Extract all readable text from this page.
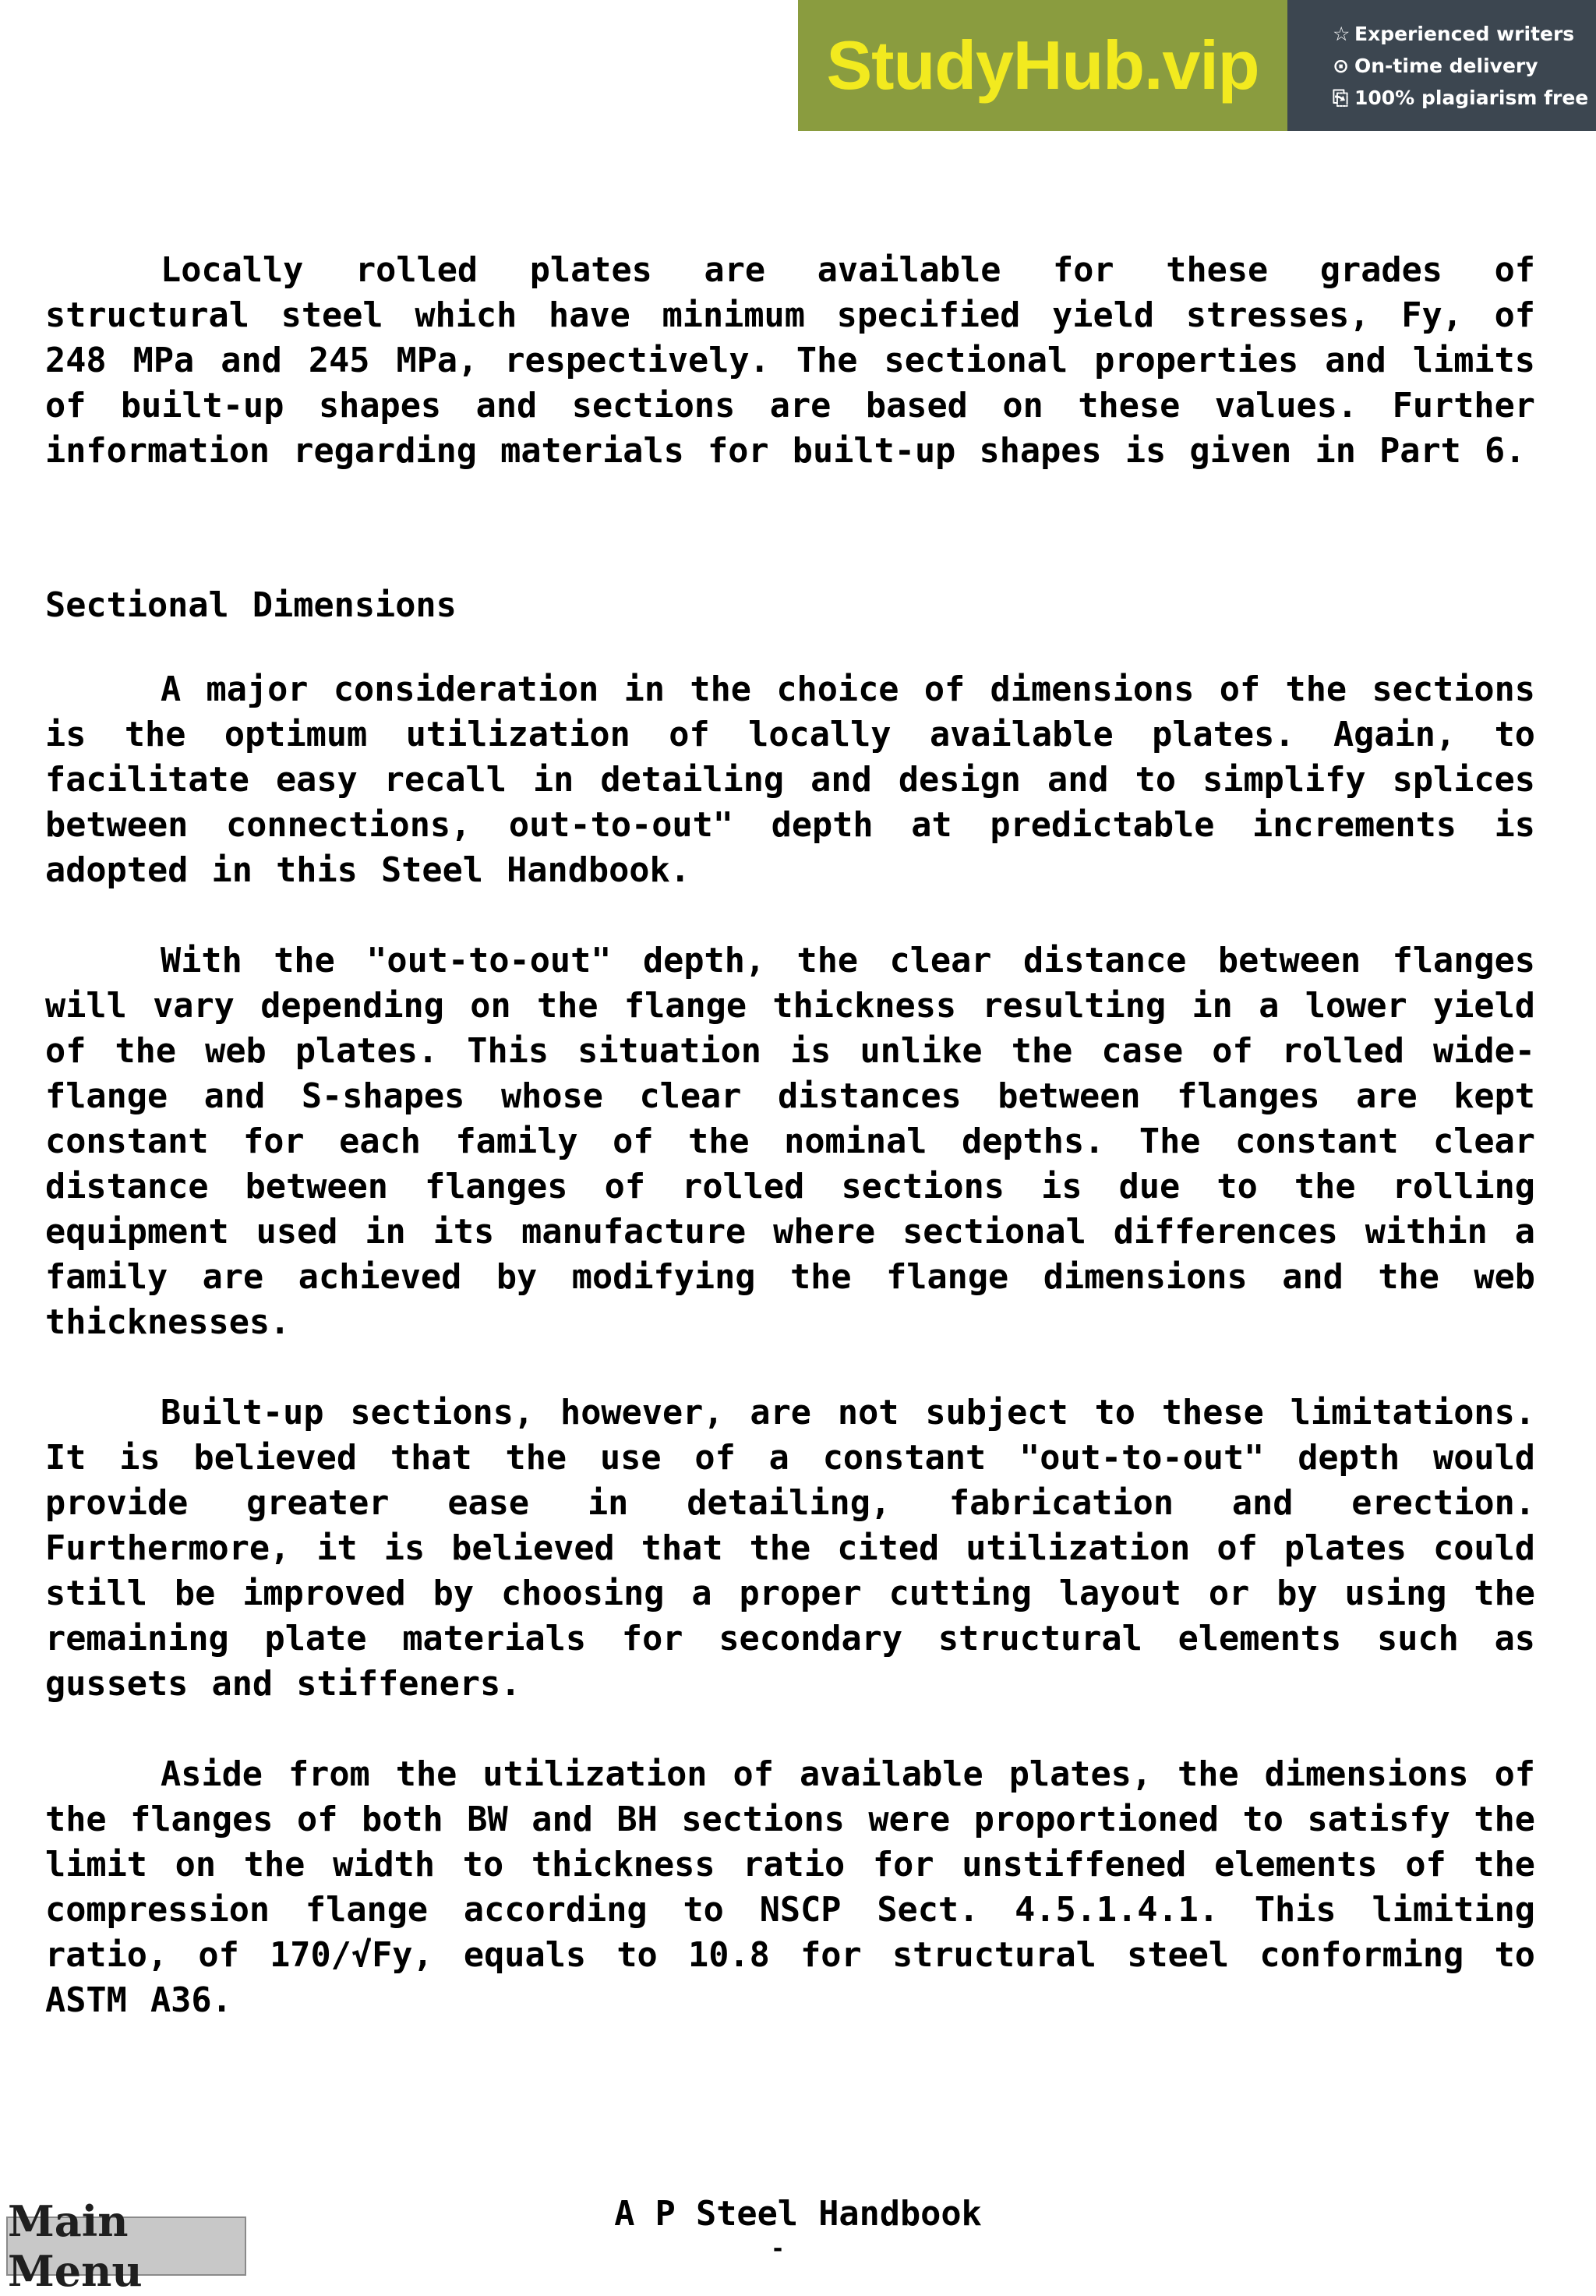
StudyHub.vip	☆ Experienced writers
⊙ On-time delivery
⎘ 100% plagiarism free

Locally rolled plates are available for these grades of structural steel which have minimum specified yield stresses, Fy, of 248 MPa and 245 MPa, respectively. The sectional properties and limits of built-up shapes and sections are based on these values. Further information regarding materials for built-up shapes is given in Part 6.

Sectional Dimensions

A major consideration in the choice of dimensions of the sections is the optimum utilization of locally available plates. Again, to facilitate easy recall in detailing and design and to simplify splices between connections, out-to-out" depth at predictable increments is adopted in this Steel Handbook.

With the "out-to-out" depth, the clear distance between flanges will vary depending on the flange thickness resulting in a lower yield of the web plates. This situation is unlike the case of rolled wide-flange and S-shapes whose clear distances between flanges are kept constant for each family of the nominal depths. The constant clear distance between flanges of rolled sections is due to the rolling equipment used in its manufacture where sectional differences within a family are achieved by modifying the flange dimensions and the web thicknesses.

Built-up sections, however, are not subject to these limitations. It is believed that the use of a constant "out-to-out" depth would provide greater ease in detailing, fabrication and erection. Furthermore, it is believed that the cited utilization of plates could still be improved by choosing a proper cutting layout or by using the remaining plate materials for secondary structural elements such as gussets and stiffeners.

Aside from the utilization of available plates, the dimensions of the flanges of both BW and BH sections were proportioned to satisfy the limit on the width to thickness ratio for unstiffened elements of the compression flange according to NSCP Sect. 4.5.1.4.1. This limiting ratio, of 170/√Fy, equals to 10.8 for structural steel conforming to ASTM A36.

A P Steel Handbook
-
Main Menu
